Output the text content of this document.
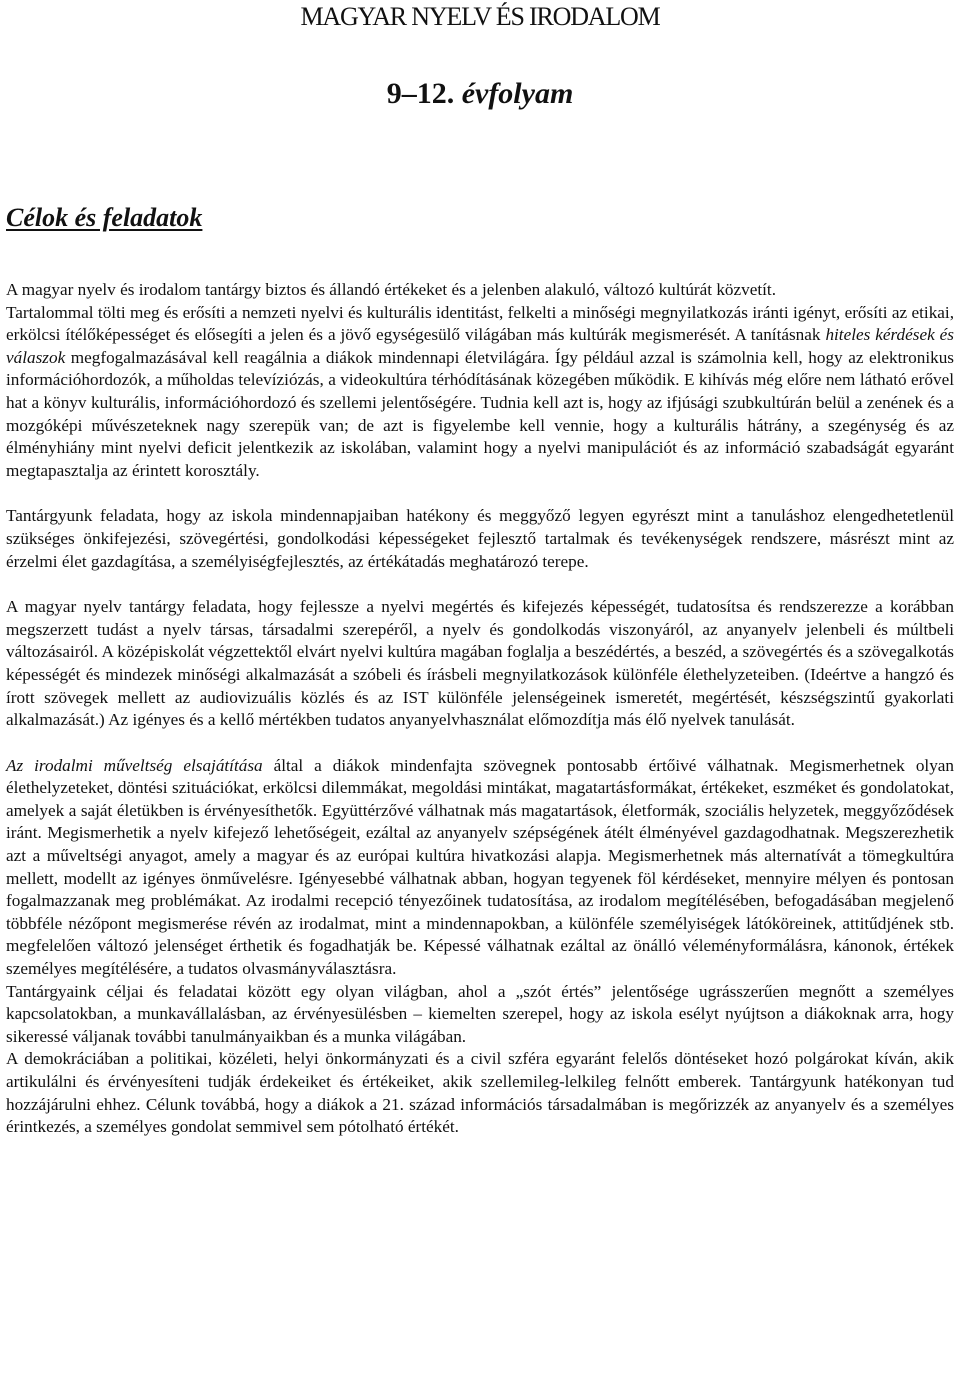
MAGYAR NYELV ÉS IRODALOM
9–12. évfolyam
Célok és feladatok

A magyar nyelv és irodalom tantárgy biztos és állandó értékeket és a jelenben alakuló, változó kultúrát közvetít.

Tartalommal tölti meg és erősíti a nemzeti nyelvi és kulturális identitást, felkelti a minőségi megnyilatkozás iránti igényt, erősíti az etikai, erkölcsi ítélőképességet és elősegíti a jelen és a jövő egységesülő világában más kultúrák megismerését. A tanításnak hiteles kérdések és válaszok megfogalmazásával kell reagálnia a diákok mindennapi életvilágára. Így például azzal is számolnia kell, hogy az elektronikus információhordozók, a műholdas televíziózás, a videokultúra térhódításának közegében működik. E kihívás még előre nem látható erővel hat a könyv kulturális, információhordozó és szellemi jelentőségére. Tudnia kell azt is, hogy az ifjúsági szubkultúrán belül a zenének és a mozgóképi művészeteknek nagy szerepük van; de azt is figyelembe kell vennie, hogy a kulturális hátrány, a szegénység és az élményhiány mint nyelvi deficit jelentkezik az iskolában, valamint hogy a nyelvi manipulációt és az információ szabadságát egyaránt megtapasztalja az érintett korosztály.

Tantárgyunk feladata, hogy az iskola mindennapjaiban hatékony és meggyőző legyen egyrészt mint a tanuláshoz elengedhetetlenül szükséges önkifejezési, szövegértési, gondolkodási képességeket fejlesztő tartalmak és tevékenységek rendszere, másrészt mint az érzelmi élet gazdagítása, a személyiségfejlesztés, az értékátadás meghatározó terepe.

A magyar nyelv tantárgy feladata, hogy fejlessze a nyelvi megértés és kifejezés képességét, tudatosítsa és rendszerezze a korábban megszerzett tudást a nyelv társas, társadalmi szerepéről, a nyelv és gondolkodás viszonyáról, az anyanyelv jelenbeli és múltbeli változásairól. A középiskolát végzettektől elvárt nyelvi kultúra magában foglalja a beszédértés, a beszéd, a szövegértés és a szövegalkotás képességét és mindezek minőségi alkalmazását a szóbeli és írásbeli megnyilatkozások különféle élethelyzeteiben. (Ideértve a hangzó és írott szövegek mellett az audiovizuális közlés és az IST különféle jelenségeinek ismeretét, megértését, készségszintű gyakorlati alkalmazását.) Az igényes és a kellő mértékben tudatos anyanyelvhasználat előmozdítja más élő nyelvek tanulását.

Az irodalmi műveltség elsajátítása által a diákok mindenfajta szövegnek pontosabb értőivé válhatnak. Megismerhetnek olyan élethelyzeteket, döntési szituációkat, erkölcsi dilemmákat, megoldási mintákat, magatartásformákat, értékeket, eszméket és gondolatokat, amelyek a saját életükben is érvényesíthetők. Együttérzővé válhatnak más magatartások, életformák, szociális helyzetek, meggyőződések iránt. Megismerhetik a nyelv kifejező lehetőségeit, ezáltal az anyanyelv szépségének átélt élményével gazdagodhatnak. Megszerezhetik azt a műveltségi anyagot, amely a magyar és az európai kultúra hivatkozási alapja. Megismerhetnek más alternatívát a tömegkultúra mellett, modellt az igényes önművelésre. Igényesebbé válhatnak abban, hogyan tegyenek föl kérdéseket, mennyire mélyen és pontosan fogalmazzanak meg problémákat. Az irodalmi recepció tényezőinek tudatosítása, az irodalom megítélésében, befogadásában megjelenő többféle nézőpont megismerése révén az irodalmat, mint a mindennapokban, a különféle személyiségek látóköreinek, attitűdjének stb. megfelelően változó jelenséget érthetik és fogadhatják be. Képessé válhatnak ezáltal az önálló véleményformálásra, kánonok, értékek személyes megítélésére, a tudatos olvasmányválasztásra.

Tantárgyaink céljai és feladatai között egy olyan világban, ahol a „szót értés” jelentősége ugrásszerűen megnőtt a személyes kapcsolatokban, a munkavállalásban, az érvényesülésben – kiemelten szerepel, hogy az iskola esélyt nyújtson a diákoknak arra, hogy sikeressé váljanak további tanulmányaikban és a munka világában.

A demokráciában a politikai, közéleti, helyi önkormányzati és a civil szféra egyaránt felelős döntéseket hozó polgárokat kíván, akik artikulálni és érvényesíteni tudják érdekeiket és értékeiket, akik szellemileg-lelkileg felnőtt emberek. Tantárgyunk hatékonyan tud hozzájárulni ehhez. Célunk továbbá, hogy a diákok a 21. század információs társadalmában is megőrizzék az anyanyelv és a személyes érintkezés, a személyes gondolat semmivel sem pótolható értékét.
